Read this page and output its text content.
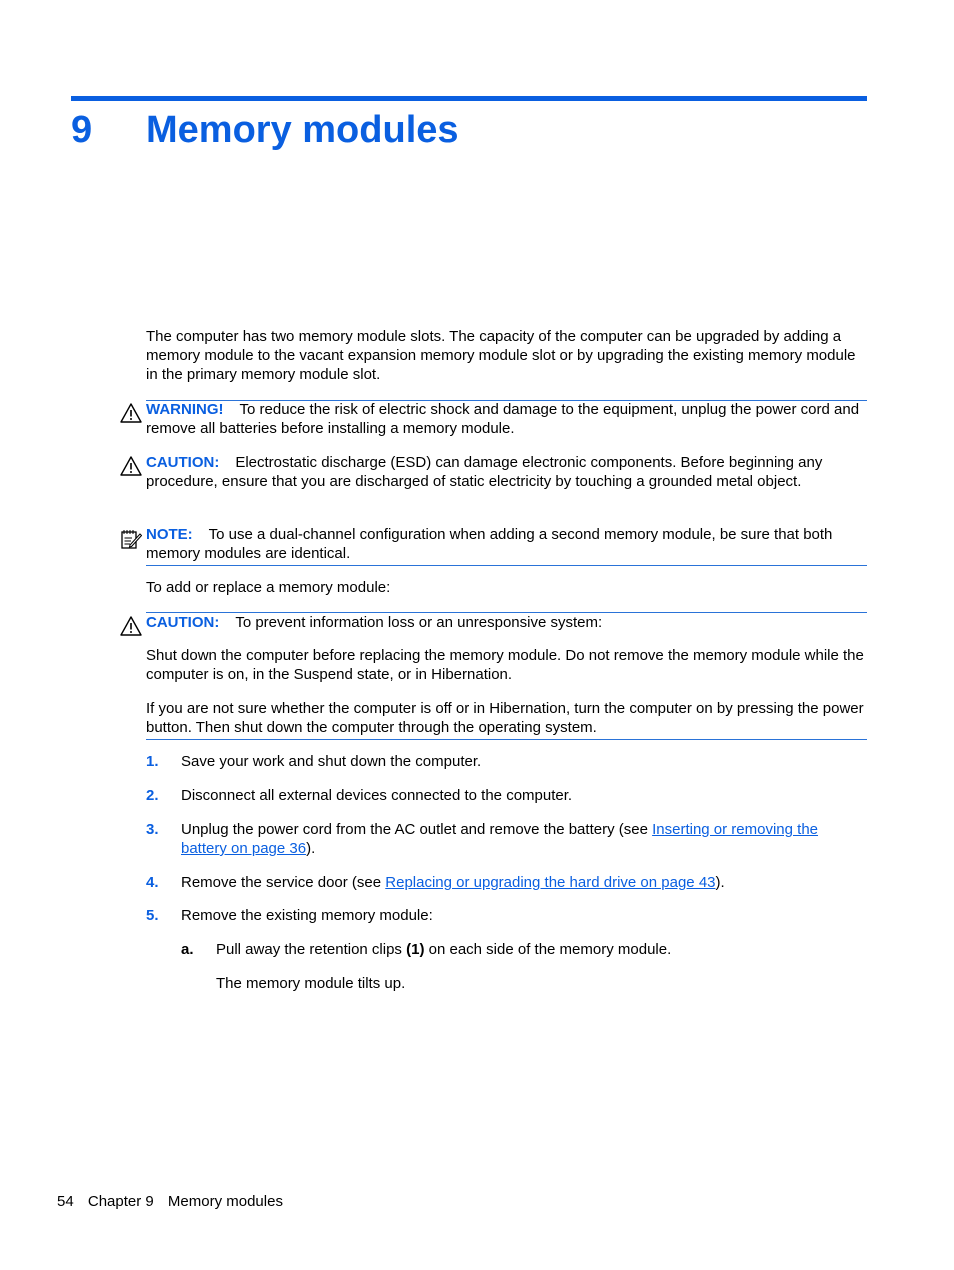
9 Memory modules
The computer has two memory module slots. The capacity of the computer can be upgraded by adding a memory module to the vacant expansion memory module slot or by upgrading the existing memory module in the primary memory module slot.
WARNING! To reduce the risk of electric shock and damage to the equipment, unplug the power cord and remove all batteries before installing a memory module.
CAUTION: Electrostatic discharge (ESD) can damage electronic components. Before beginning any procedure, ensure that you are discharged of static electricity by touching a grounded metal object.
NOTE: To use a dual-channel configuration when adding a second memory module, be sure that both memory modules are identical.
To add or replace a memory module:
CAUTION: To prevent information loss or an unresponsive system:
Shut down the computer before replacing the memory module. Do not remove the memory module while the computer is on, in the Suspend state, or in Hibernation.
If you are not sure whether the computer is off or in Hibernation, turn the computer on by pressing the power button. Then shut down the computer through the operating system.
1. Save your work and shut down the computer.
2. Disconnect all external devices connected to the computer.
3. Unplug the power cord from the AC outlet and remove the battery (see Inserting or removing the battery on page 36).
4. Remove the service door (see Replacing or upgrading the hard drive on page 43).
5. Remove the existing memory module:
a. Pull away the retention clips (1) on each side of the memory module.
The memory module tilts up.
54 Chapter 9 Memory modules
